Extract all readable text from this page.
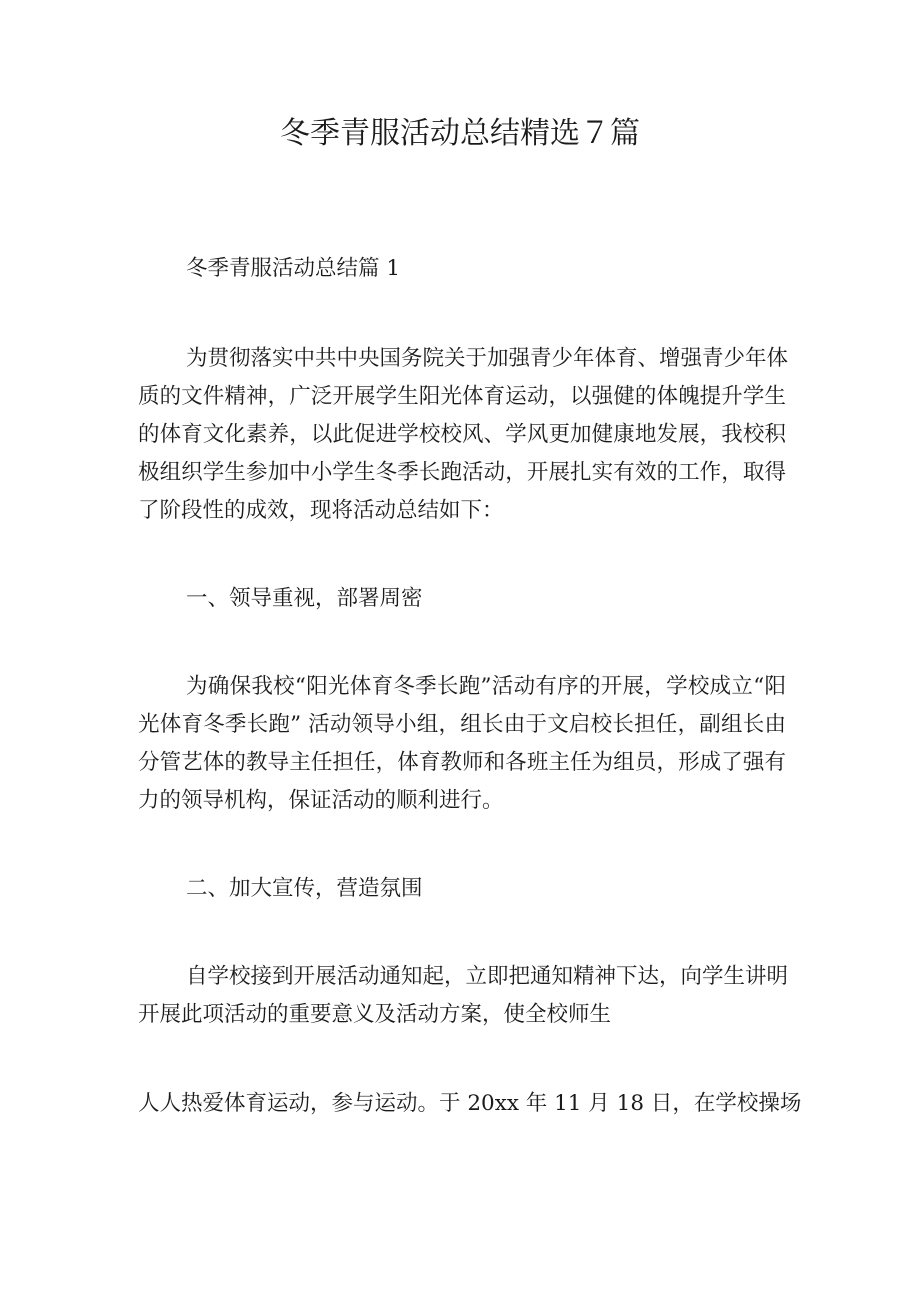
冬季青服活动总结精选７篇

冬季青服活动总结篇 1

为贯彻落实中共中央国务院关于加强青少年体育、增强青少年体

质的文件精神，广泛开展学生阳光体育运动，以强健的体魄提升学生

的体育文化素养，以此促进学校校风、学风更加健康地发展，我校积

极组织学生参加中小学生冬季长跑活动，开展扎实有效的工作，取得

了阶段性的成效，现将活动总结如下：

一、领导重视，部署周密

为确保我校“阳光体育冬季长跑”活动有序的开展，学校成立“阳

光体育冬季长跑” 活动领导小组，组长由于文启校长担任，副组长由

分管艺体的教导主任担任，体育教师和各班主任为组员，形成了强有

力的领导机构，保证活动的顺利进行。

二、加大宣传，营造氛围

自学校接到开展活动通知起，立即把通知精神下达，向学生讲明

开展此项活动的重要意义及活动方案，使全校师生

人人热爱体育运动，参与运动。于 20xx 年 11 月 18 日，在学校操场
